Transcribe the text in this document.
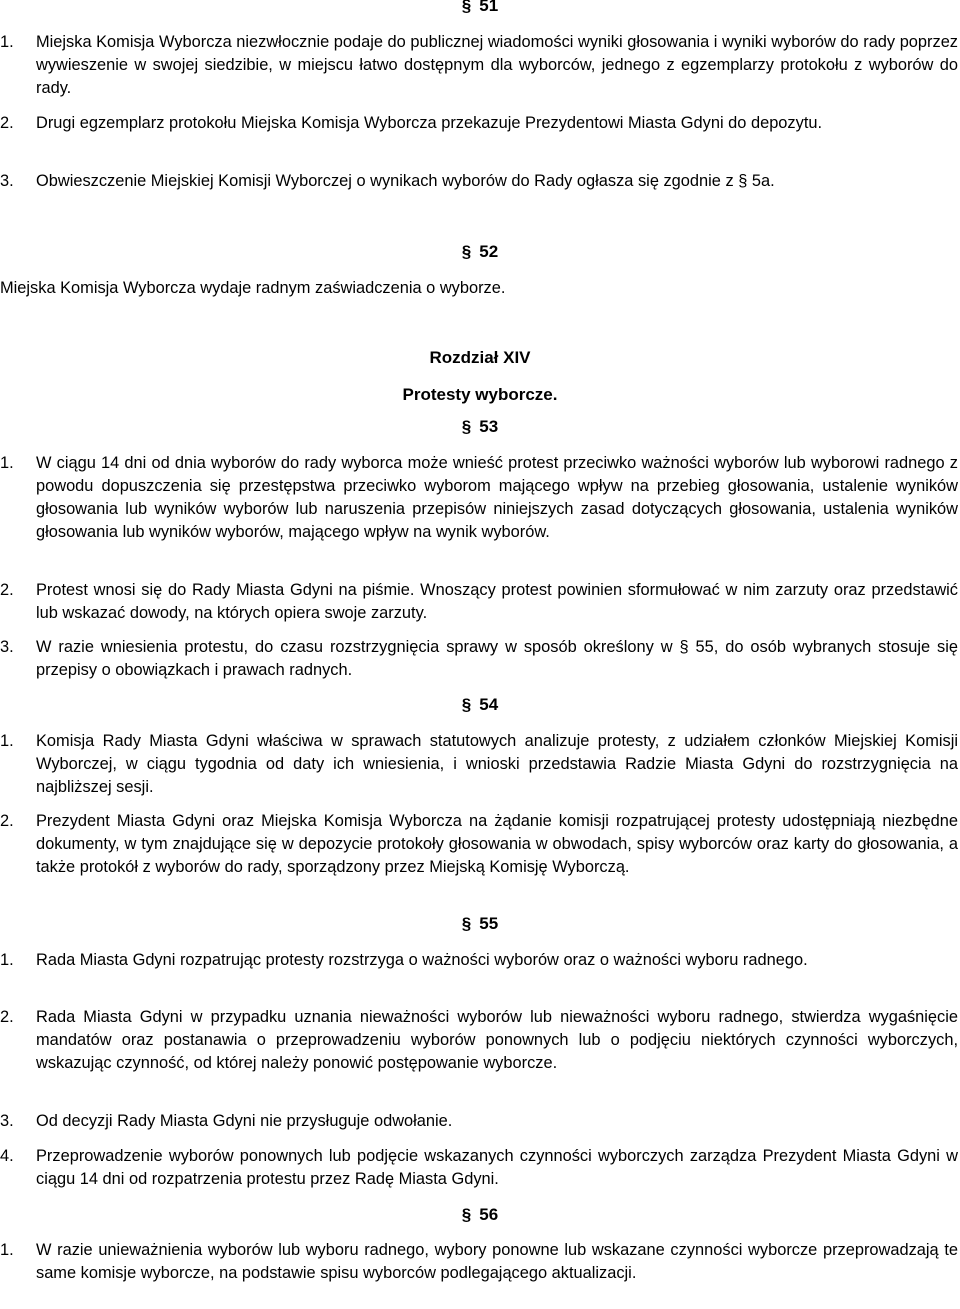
§ 51
1.	Miejska Komisja Wyborcza niezwłocznie podaje do publicznej wiadomości wyniki głosowania i wyniki wyborów do rady poprzez wywieszenie w swojej siedzibie, w miejscu łatwo dostępnym dla wyborców, jednego z egzemplarzy protokołu z wyborów do rady.
2.	Drugi egzemplarz protokołu Miejska Komisja Wyborcza przekazuje Prezydentowi Miasta Gdyni do depozytu.
3.	Obwieszczenie Miejskiej Komisji Wyborczej o wynikach wyborów do Rady ogłasza się zgodnie z § 5a.
§ 52
Miejska Komisja Wyborcza wydaje radnym zaświadczenia o wyborze.
Rozdział XIV
Protesty wyborcze.
§ 53
1.	W ciągu 14 dni od dnia wyborów do rady wyborca może wnieść protest przeciwko ważności wyborów lub wyborowi radnego z powodu dopuszczenia się przestępstwa przeciwko wyborom mającego wpływ na przebieg głosowania, ustalenie wyników głosowania lub wyników wyborów lub naruszenia przepisów niniejszych zasad dotyczących głosowania, ustalenia wyników głosowania lub wyników wyborów, mającego wpływ na wynik wyborów.
2.	Protest wnosi się do Rady Miasta Gdyni na piśmie. Wnoszący protest powinien sformułować w nim zarzuty oraz przedstawić lub wskazać dowody, na których opiera swoje zarzuty.
3.	W razie wniesienia protestu, do czasu rozstrzygnięcia sprawy w sposób określony w § 55, do osób wybranych stosuje się przepisy o obowiązkach i prawach radnych.
§ 54
1.	Komisja Rady Miasta Gdyni właściwa w sprawach statutowych analizuje protesty, z udziałem członków Miejskiej Komisji Wyborczej, w ciągu tygodnia od daty ich wniesienia, i wnioski przedstawia Radzie Miasta Gdyni do rozstrzygnięcia na najbliższej sesji.
2.	Prezydent Miasta Gdyni oraz Miejska Komisja Wyborcza na żądanie komisji rozpatrującej protesty udostępniają niezbędne dokumenty, w tym znajdujące się w depozycie protokoły głosowania w obwodach, spisy wyborców oraz karty do głosowania, a także protokół z wyborów do rady, sporządzony przez Miejską Komisję Wyborczą.
§ 55
1.	Rada Miasta Gdyni rozpatrując protesty rozstrzyga o ważności wyborów oraz o ważności wyboru radnego.
2.	Rada Miasta Gdyni w przypadku uznania nieważności wyborów lub nieważności wyboru radnego, stwierdza wygaśnięcie mandatów oraz postanawia o przeprowadzeniu wyborów ponownych lub o podjęciu niektórych czynności wyborczych, wskazując czynność, od której należy ponowić postępowanie wyborcze.
3.	Od decyzji Rady Miasta Gdyni nie przysługuje odwołanie.
4.	Przeprowadzenie wyborów ponownych lub podjęcie wskazanych czynności wyborczych zarządza Prezydent Miasta Gdyni w ciągu 14 dni od rozpatrzenia protestu przez Radę Miasta Gdyni.
§ 56
1.	W razie unieważnienia wyborów lub wyboru radnego, wybory ponowne lub wskazane czynności wyborcze przeprowadzają te same komisje wyborcze, na podstawie spisu wyborców podlegającego aktualizacji.
